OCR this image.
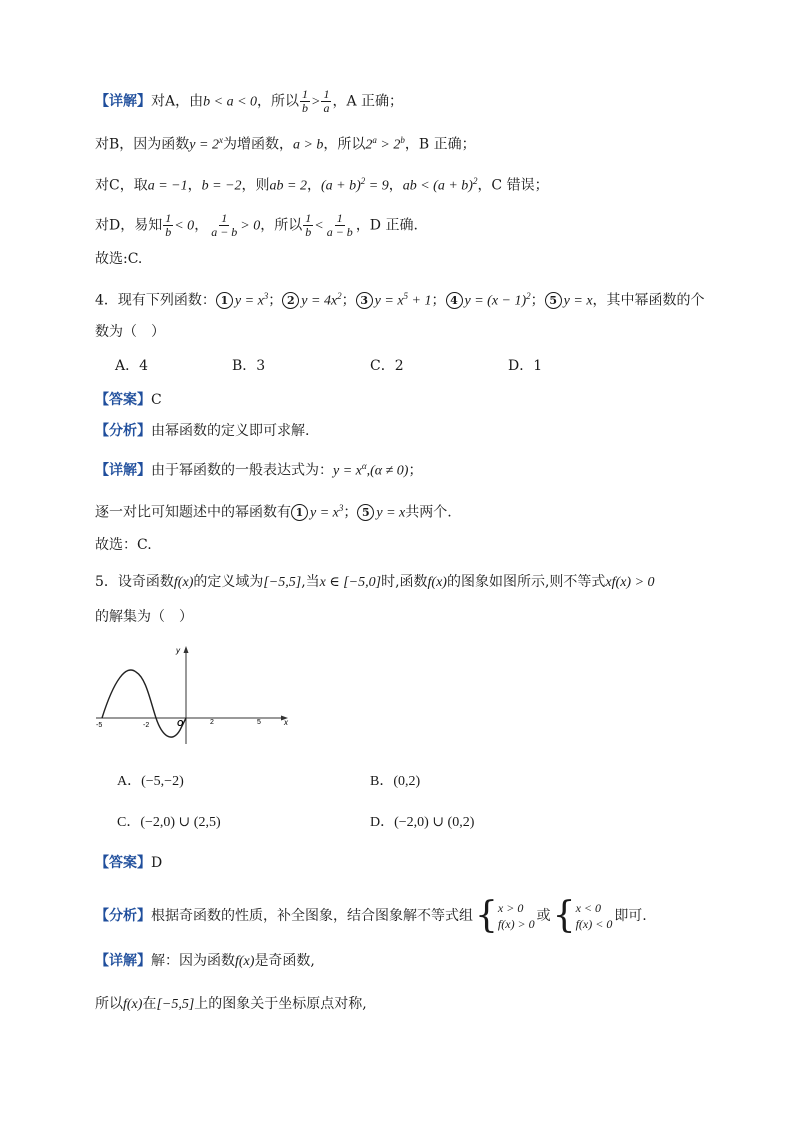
【详解】对A，由b < a < 0，所以 $\frac{1}{b} > \frac{1}{a}$ ，A 正确；
对B，因为函数$y = 2^x$为增函数，a > b，所以$2^a > 2^b$，B 正确；
对C，取a = −1，b = −2，则ab = 2，$(a + b)^2 = 9$，ab < $(a + b)^2$，C 错误；
对D，易知 $\frac{1}{b} < 0$， $\frac{1}{a - b} > 0$，所以 $\frac{1}{b} < \frac{1}{a - b}$ ，D 正确.
故选:C.
4．现有下列函数： 1 $y = x^3$； 2 $y = 4x^2$； 3 $y = x^5 + 1$； 4 $y = (x - 1)^2$； 5 y = x，其中幂函数的个
数为（　）
A．4	B．3	C．2	D．1
【答案】C
【分析】由幂函数的定义即可求解.
【详解】由于幂函数的一般表达式为：$y = x^\alpha,(\alpha \ne 0)$；
逐一对比可知题述中的幂函数有 1 $y = x^3$； 5 y = x共两个.
故选：C.
5．设奇函数f(x)的定义域为[−5,5],当x ∈ [−5,0]时,函数f(x)的图象如图所示,则不等式xf(x) > 0
的解集为（　）
x
y
O
-5	-2	2	5
A．(−5,−2)	B．(0,2)
C．(−2,0) ∪ (2,5)	D．(−2,0) ∪ (0,2)
【答案】D
【分析】根据奇函数的性质，补全图象，结合图象解不等式组 { x > 0
f(x) > 0 或 { x < 0
f(x) < 0 即可.
【详解】解：因为函数f(x)是奇函数,
所以f(x)在[−5,5]上的图象关于坐标原点对称,
